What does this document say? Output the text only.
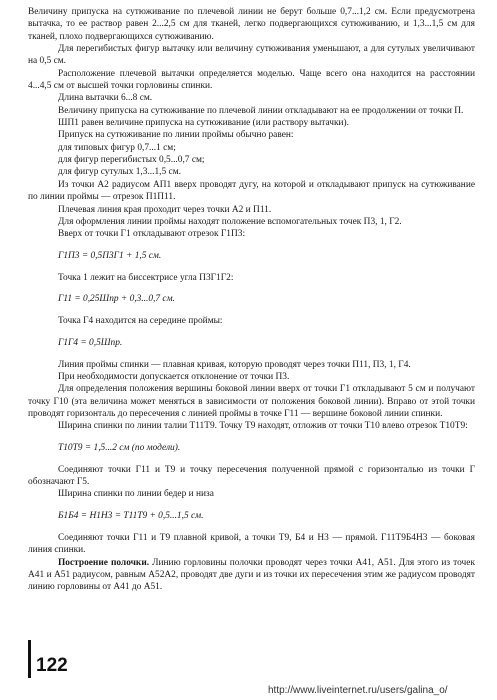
Величину припуска на сутюживание по плечевой линии не берут больше 0,7...1,2 см. Если предусмотрена вытачка, то ее раствор равен 2...2,5 см для тканей, легко подвергающихся сутюживанию, и 1,3...1,5 см для тканей, плохо подвергающихся сутюживанию.

Для перегибистых фигур вытачку или величину сутюживания уменьшают, а для сутулых увеличивают на 0,5 см.

Расположение плечевой вытачки определяется моделью. Чаще всего она находится на расстоянии 4...4,5 см от высшей точки горловины спинки.

Длина вытачки 6...8 см.

Величину припуска на сутюживание по плечевой линии откладывают на ее продолжении от точки П.

ШП1 равен величине припуска на сутюживание (или раствору вытачки).

Припуск на сутюживание по линии проймы обычно равен:

для типовых фигур 0,7...1 см;

для фигур перегибистых 0,5...0,7 см;

для фигур сутулых 1,3...1,5 см.

Из точки А2 радиусом АП1 вверх проводят дугу, на которой и откладывают припуск на сутюживание по линии проймы — отрезок П1П11.

Плечевая линия края проходит через точки А2 и П11.

Для оформления линии проймы находят положение вспомогательных точек П3, 1, Г2.

Вверх от точки Г1 откладывают отрезок Г1П3:

Г1П3 = 0,5П3Г1 + 1,5 см.

Точка 1 лежит на биссектрисе угла П3Г1Г2:

Г11 = 0,25Шпр + 0,3...0,7 см.

Точка Г4 находится на середине проймы:

Г1Г4 = 0,5Шпр.

Линия проймы спинки — плавная кривая, которую проводят через точки П11, П3, 1, Г4.

При необходимости допускается отклонение от точки П3.

Для определения положения вершины боковой линии вверх от точки Г1 откладывают 5 см и получают точку Г10 (эта величина может меняться в зависимости от положения боковой линии). Вправо от этой точки проводят горизонталь до пересечения с линией проймы в точке Г11 — вершине боковой линии спинки.

Ширина спинки по линии талии Т11Т9. Точку Т9 находят, отложив от точки Т10 влево отрезок Т10Т9:

Т10Т9 = 1,5...2 см (по модели).

Соединяют точки Г11 и Т9 и точку пересечения полученной прямой с горизонталью из точки Г обозначают Г5.

Ширина спинки по линии бедер и низа

Б1Б4 = Н1Н3 = Т11Т9 + 0,5...1,5 см.

Соединяют точки Г11 и Т9 плавной кривой, а точки Т9, Б4 и Н3 — прямой. Г11Т9Б4Н3 — боковая линия спинки.

Построение полочки. Линию горловины полочки проводят через точки А41, А51. Для этого из точек А41 и А51 радиусом, равным А52А2, проводят две дуги и из точки их пересечения этим же радиусом проводят линию горловины от А41 до А51.

122
http://www.liveinternet.ru/users/galina_o/
